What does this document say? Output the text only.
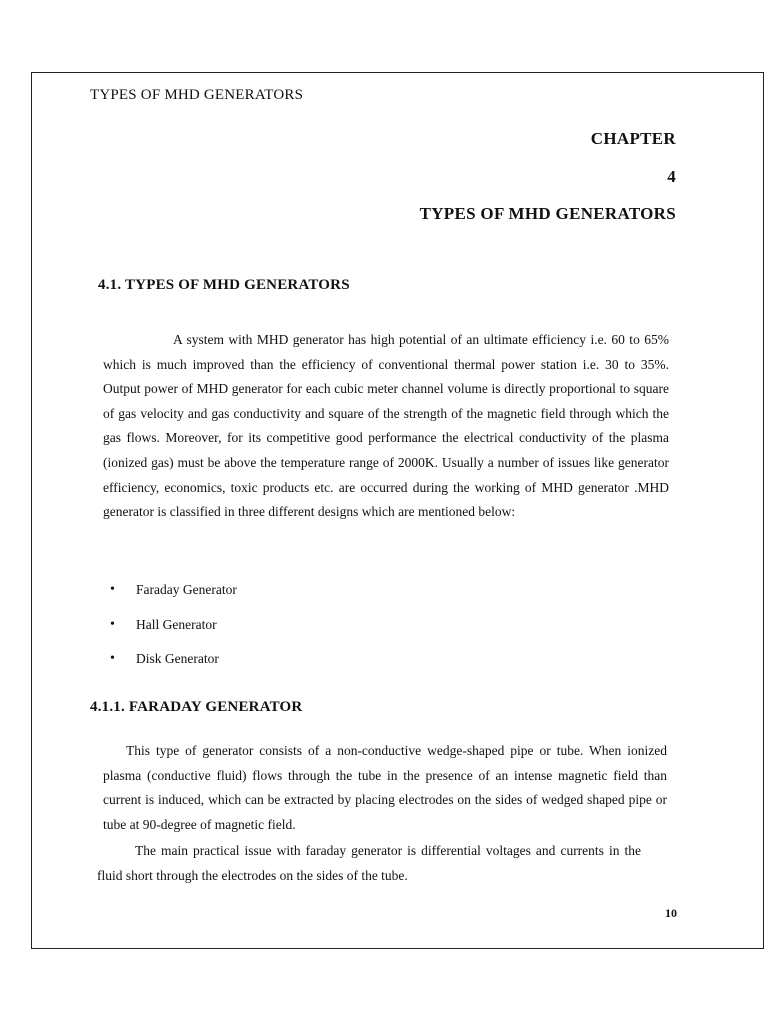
TYPES OF MHD GENERATORS
CHAPTER
4
TYPES OF MHD GENERATORS
4.1. TYPES OF MHD GENERATORS

A system with MHD generator has high potential of an ultimate efficiency i.e. 60 to 65% which is much improved than the efficiency of conventional thermal power station i.e. 30 to 35%. Output power of MHD generator for each cubic meter channel volume is directly proportional to square of gas velocity and gas conductivity and square of the strength of the magnetic field through which the gas flows. Moreover, for its competitive good performance the electrical conductivity of the plasma (ionized gas) must be above the temperature range of 2000K. Usually a number of issues like generator efficiency, economics, toxic products etc. are occurred during the working of MHD generator .MHD generator is classified in three different designs which are mentioned below:

•	Faraday Generator
•	Hall Generator
•	Disk Generator
4.1.1. FARADAY GENERATOR

This type of generator consists of a non-conductive wedge-shaped pipe or tube. When ionized plasma (conductive fluid) flows through the tube in the presence of an intense magnetic field than current is induced, which can be extracted by placing electrodes on the sides of wedged shaped pipe or tube at 90-degree of magnetic field.

The main practical issue with faraday generator is differential voltages and currents in the fluid short through the electrodes on the sides of the tube.

10
